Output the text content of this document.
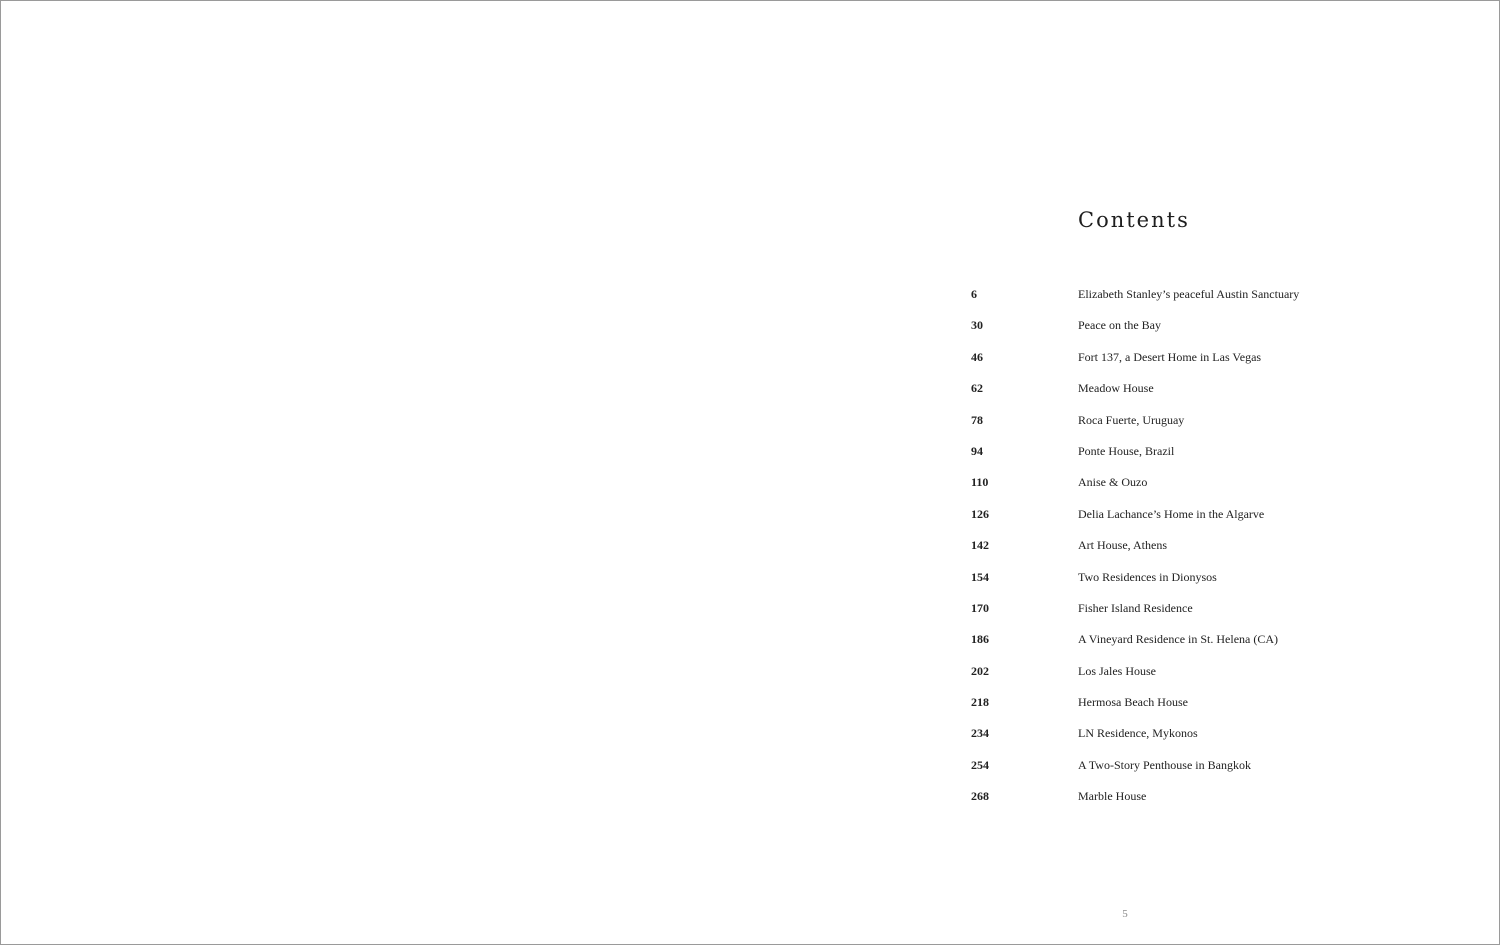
Contents
6	Elizabeth Stanley’s peaceful Austin Sanctuary
30	Peace on the Bay
46	Fort 137, a Desert Home in Las Vegas
62	Meadow House
78	Roca Fuerte, Uruguay
94	Ponte House, Brazil
110	Anise & Ouzo
126	Delia Lachance’s Home in the Algarve
142	Art House, Athens
154	Two Residences in Dionysos
170	Fisher Island Residence
186	A Vineyard Residence in St. Helena (CA)
202	Los Jales House
218	Hermosa Beach House
234	LN Residence, Mykonos
254	A Two-Story Penthouse in Bangkok
268	Marble House
5
